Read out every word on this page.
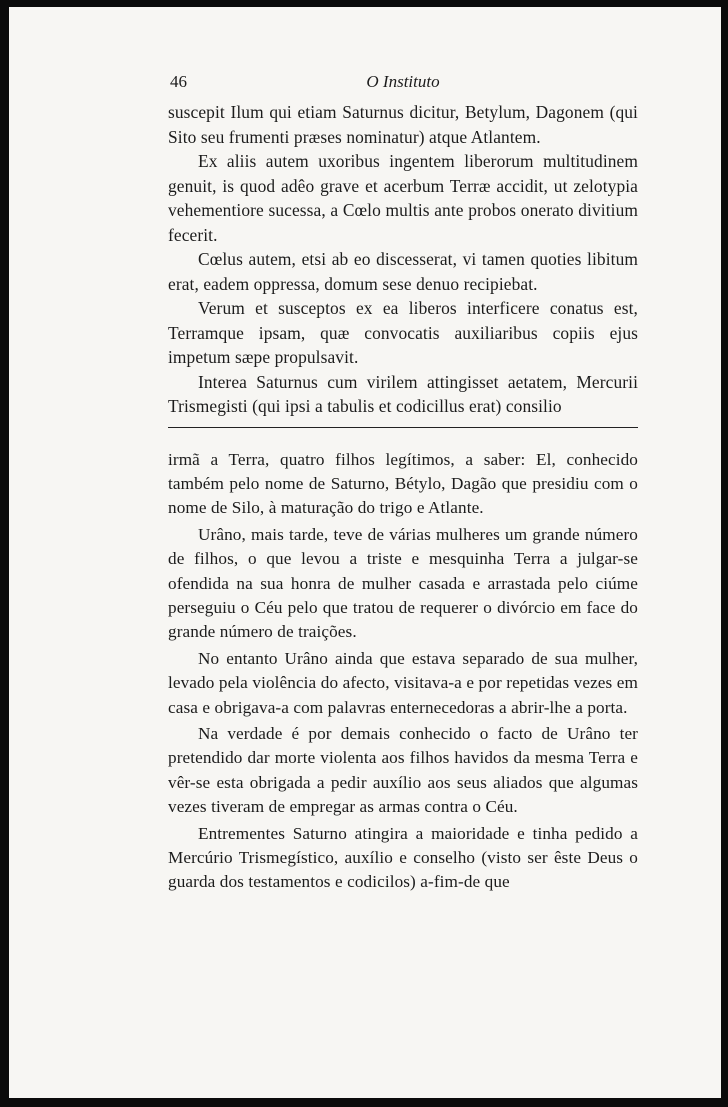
46	O Instituto

suscepit Ilum qui etiam Saturnus dicitur, Betylum, Dagonem (qui Sito seu frumenti præses nominatur) atque Atlantem.

Ex aliis autem uxoribus ingentem liberorum multitudinem genuit, is quod adêo grave et acerbum Terræ accidit, ut zelotypia vehementiore sucessa, a Cœlo multis ante probos onerato divitium fecerit.

Cœlus autem, etsi ab eo discesserat, vi tamen quoties libitum erat, eadem oppressa, domum sese denuo recipiebat.

Verum et susceptos ex ea liberos interficere conatus est, Terramque ipsam, quæ convocatis auxiliaribus copiis ejus impetum sæpe propulsavit.

Interea Saturnus cum virilem attingisset aetatem, Mercurii Trismegisti (qui ipsi a tabulis et codicillus erat) consilio

irmã a Terra, quatro filhos legítimos, a saber: El, conhecido também pelo nome de Saturno, Bétylo, Dagão que presidiu com o nome de Silo, à maturação do trigo e Atlante.

Urâno, mais tarde, teve de várias mulheres um grande número de filhos, o que levou a triste e mesquinha Terra a julgar-se ofendida na sua honra de mulher casada e arrastada pelo ciúme perseguiu o Céu pelo que tratou de requerer o divórcio em face do grande número de traições.

No entanto Urâno ainda que estava separado de sua mulher, levado pela violência do afecto, visitava-a e por repetidas vezes em casa e obrigava-a com palavras enternecedoras a abrir-lhe a porta.

Na verdade é por demais conhecido o facto de Urâno ter pretendido dar morte violenta aos filhos havidos da mesma Terra e vêr-se esta obrigada a pedir auxílio aos seus aliados que algumas vezes tiveram de empregar as armas contra o Céu.

Entrementes Saturno atingira a maioridade e tinha pedido a Mercúrio Trismegístico, auxílio e conselho (visto ser êste Deus o guarda dos testamentos e codicilos) a-fim-de que
